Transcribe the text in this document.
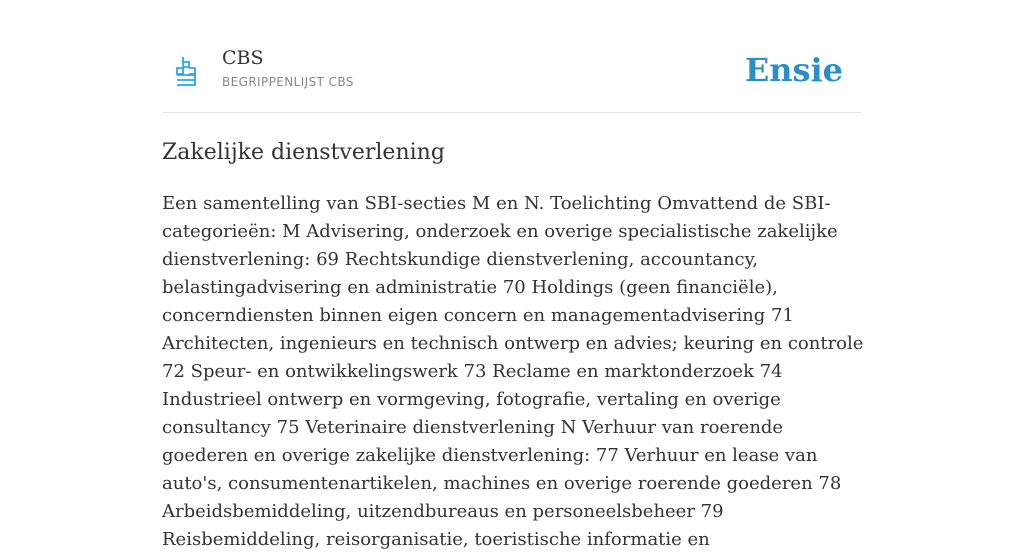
CBS
BEGRIPPENLIJST CBS	Ensie
Zakelijke dienstverlening

Een samentelling van SBI-secties M en N. Toelichting Omvattend de SBI-categorieën: M Advisering, onderzoek en overige specialistische zakelijke dienstverlening: 69 Rechtskundige dienstverlening, accountancy, belastingadvisering en administratie 70 Holdings (geen financiële), concerndiensten binnen eigen concern en managementadvisering 71 Architecten, ingenieurs en technisch ontwerp en advies; keuring en controle 72 Speur- en ontwikkelingswerk 73 Reclame en marktonderzoek 74 Industrieel ontwerp en vormgeving, fotografie, vertaling en overige consultancy 75 Veterinaire dienstverlening N Verhuur van roerende goederen en overige zakelijke dienstverlening: 77 Verhuur en lease van auto's, consumentenartikelen, machines en overige roerende goederen 78 Arbeidsbemiddeling, uitzendbureaus en personeelsbeheer 79 Reisbemiddeling, reisorganisatie, toeristische informatie en
